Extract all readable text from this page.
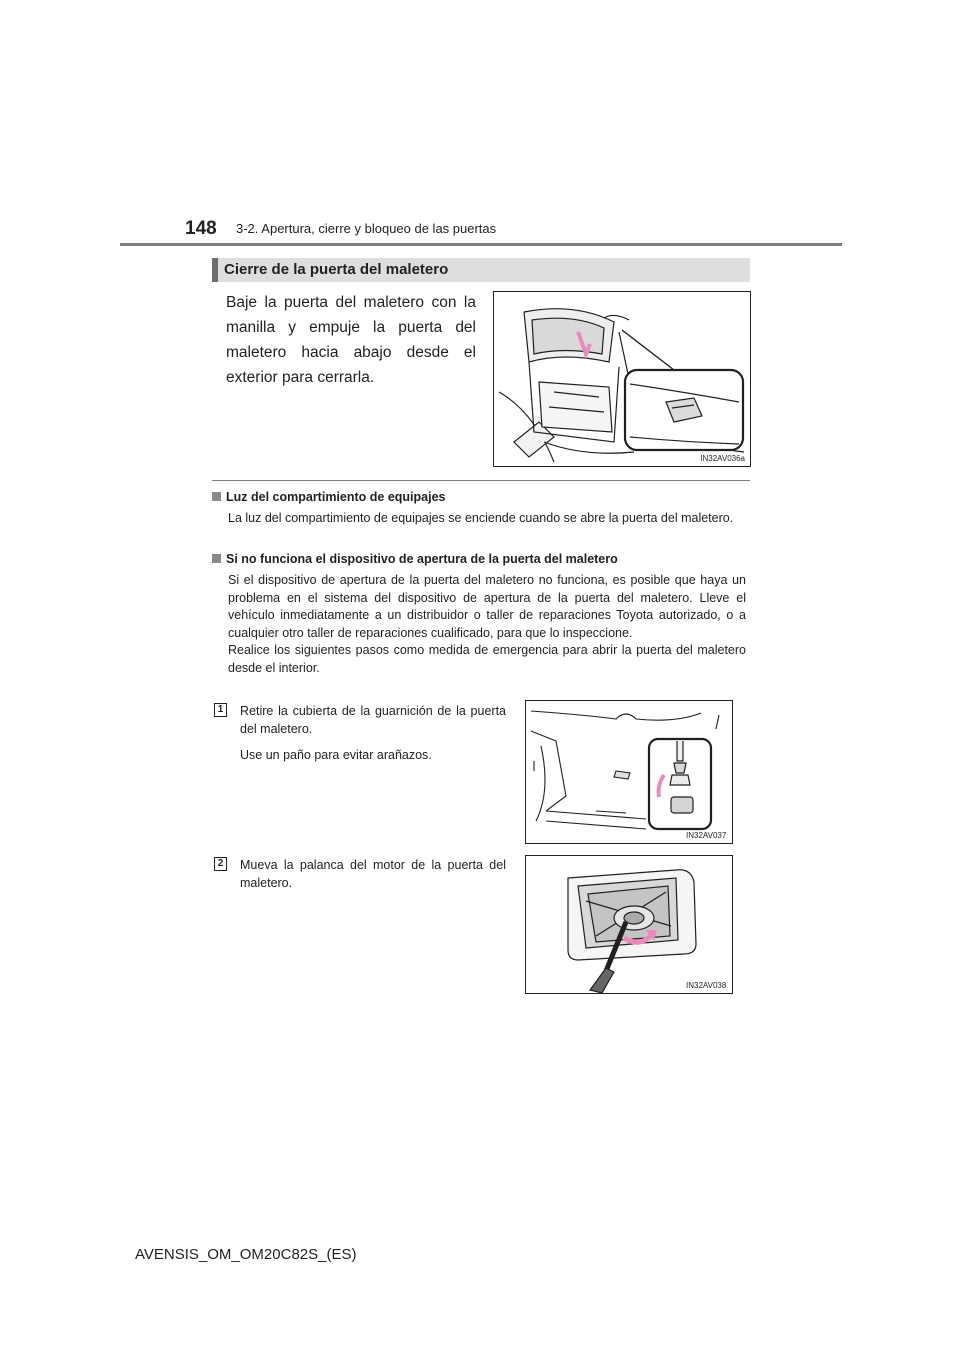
148 3-2. Apertura, cierre y bloqueo de las puertas
Cierre de la puerta del maletero
Baje la puerta del maletero con la manilla y empuje la puerta del maletero hacia abajo desde el exterior para cerrarla.
IN32AV036a
Luz del compartimiento de equipajes

La luz del compartimiento de equipajes se enciende cuando se abre la puerta del maletero.

Si no funciona el dispositivo de apertura de la puerta del maletero

Si el dispositivo de apertura de la puerta del maletero no funciona, es posible que haya un problema en el sistema del dispositivo de apertura de la puerta del maletero. Lleve el vehículo inmediatamente a un distribuidor o taller de reparaciones Toyota autorizado, o a cualquier otro taller de reparaciones cualificado, para que lo inspeccione.

Realice los siguientes pasos como medida de emergencia para abrir la puerta del maletero desde el interior.

1 Retire la cubierta de la guarnición de la puerta del maletero.

Use un paño para evitar arañazos.

IN32AV037
2 Mueva la palanca del motor de la puerta del maletero.

IN32AV038
AVENSIS_OM_OM20C82S_(ES)
